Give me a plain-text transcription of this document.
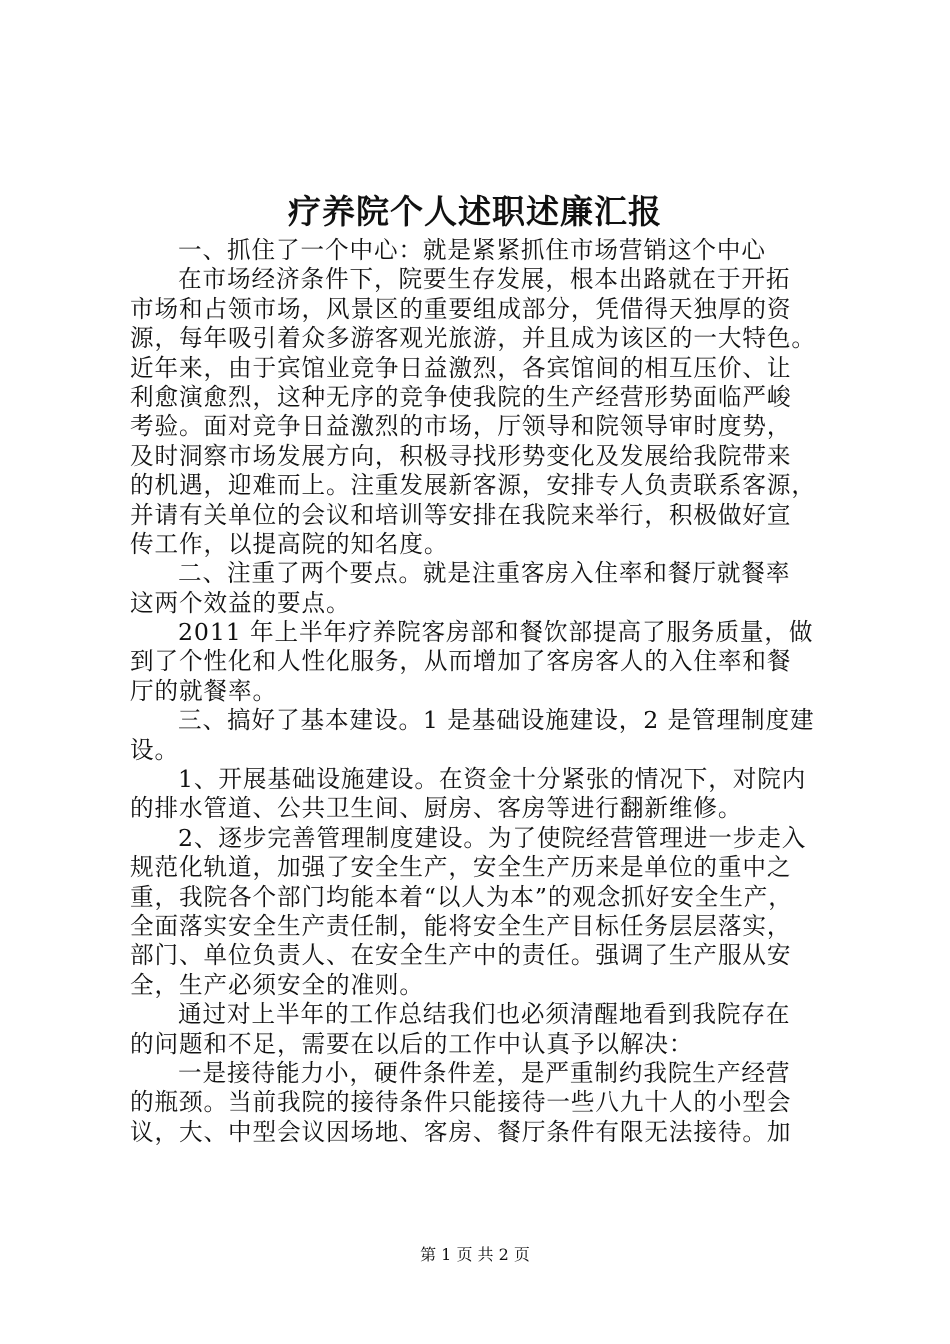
疗养院个人述职述廉汇报
一、抓住了一个中心：就是紧紧抓住市场营销这个中心
在市场经济条件下，院要生存发展，根本出路就在于开拓
市场和占领市场，风景区的重要组成部分，凭借得天独厚的资
源，每年吸引着众多游客观光旅游，并且成为该区的一大特色。
近年来，由于宾馆业竞争日益激烈，各宾馆间的相互压价、让
利愈演愈烈，这种无序的竞争使我院的生产经营形势面临严峻
考验。面对竞争日益激烈的市场，厅领导和院领导审时度势，
及时洞察市场发展方向，积极寻找形势变化及发展给我院带来
的机遇，迎难而上。注重发展新客源，安排专人负责联系客源，
并请有关单位的会议和培训等安排在我院来举行，积极做好宣
传工作，以提高院的知名度。
二、注重了两个要点。就是注重客房入住率和餐厅就餐率
这两个效益的要点。
2011 年上半年疗养院客房部和餐饮部提高了服务质量，做
到了个性化和人性化服务，从而增加了客房客人的入住率和餐
厅的就餐率。
三、搞好了基本建设。1 是基础设施建设，2 是管理制度建
设。
1、开展基础设施建设。在资金十分紧张的情况下，对院内
的排水管道、公共卫生间、厨房、客房等进行翻新维修。
2、逐步完善管理制度建设。为了使院经营管理进一步走入
规范化轨道，加强了安全生产，安全生产历来是单位的重中之
重，我院各个部门均能本着“以人为本”的观念抓好安全生产，
全面落实安全生产责任制，能将安全生产目标任务层层落实，
部门、单位负责人、在安全生产中的责任。强调了生产服从安
全，生产必须安全的准则。
通过对上半年的工作总结我们也必须清醒地看到我院存在
的问题和不足，需要在以后的工作中认真予以解决：
一是接待能力小，硬件条件差，是严重制约我院生产经营
的瓶颈。当前我院的接待条件只能接待一些八九十人的小型会
议，大、中型会议因场地、客房、餐厅条件有限无法接待。加
第 1 页 共 2 页
